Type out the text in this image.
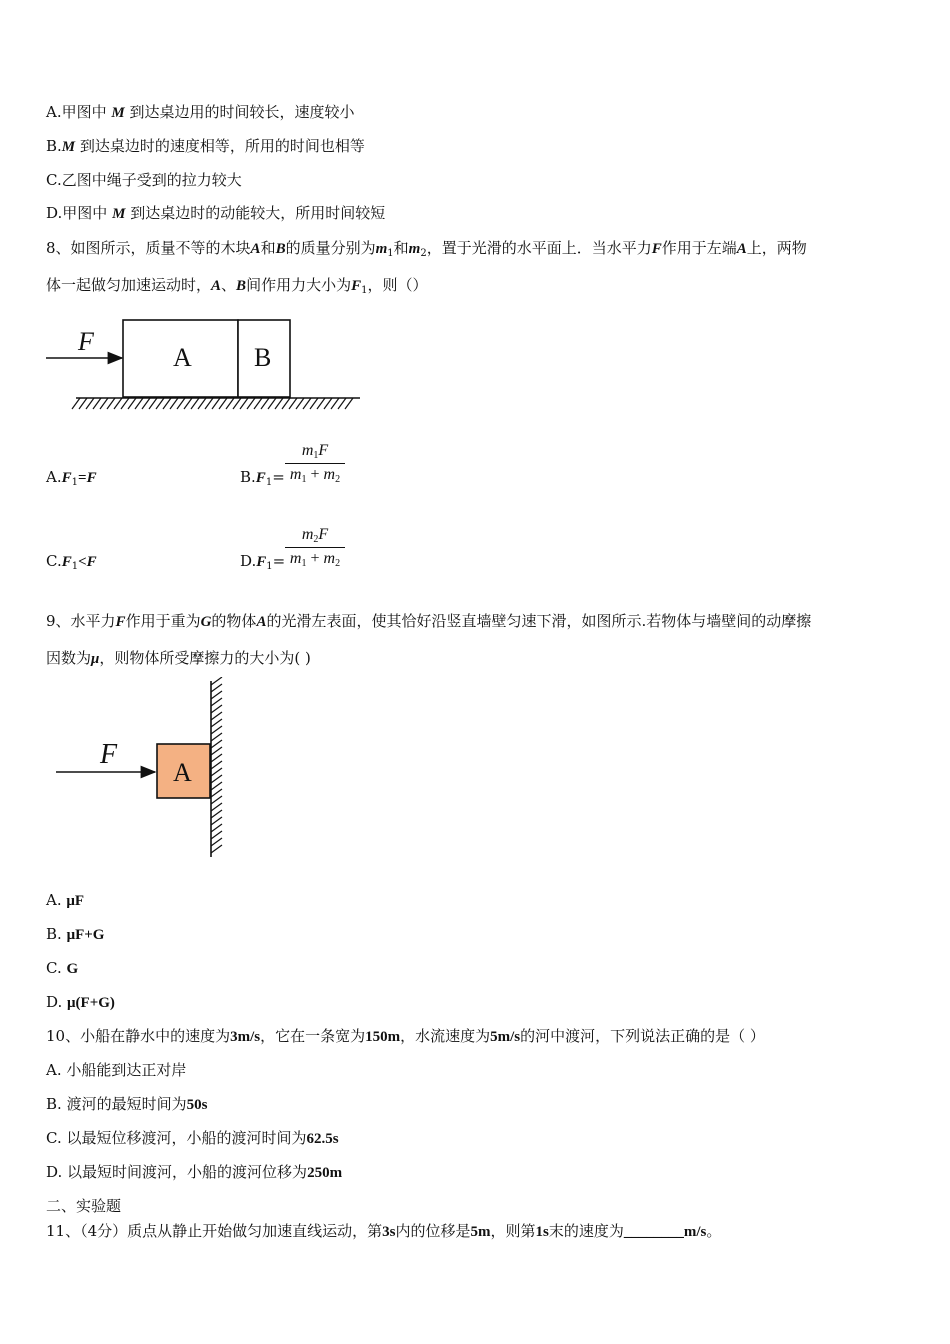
A.甲图中 M 到达桌边用的时间较长，速度较小
B.M 到达桌边时的速度相等，所用的时间也相等
C.乙图中绳子受到的拉力较大
D.甲图中 M 到达桌边时的动能较大，所用时间较短
8、如图所示，质量不等的木块A和B的质量分别为$m_1$和$m_2$，置于光滑的水平面上．当水平力F作用于左端A上，两物
体一起做匀加速运动时，A、B间作用力大小为$F_1$，则（）
F
A B
$A.F_1=F$	$B.F_1=$
$m_1F$
$m_1 + m_2$
$C.F_1<F$	$D.F_1=$
$m_2F$
$m_1 + m_2$
9、水平力F作用于重为G的物体A的光滑左表面，使其恰好沿竖直墙壁匀速下滑，如图所示.若物体与墙壁间的动摩擦
因数为μ，则物体所受摩擦力的大小为( )
F
A
A. μF
B. μF+G
C. G
D. μ(F+G)
10、小船在静水中的速度为3m/s，它在一条宽为150m，水流速度为5m/s的河中渡河，下列说法正确的是（ ）
A. 小船能到达正对岸
B. 渡河的最短时间为50s
C. 以最短位移渡河，小船的渡河时间为62.5s
D. 以最短时间渡河，小船的渡河位移为250m
二、实验题
11、（4分）质点从静止开始做匀加速直线运动，第3s内的位移是5m，则第1s末的速度为________m/s。
